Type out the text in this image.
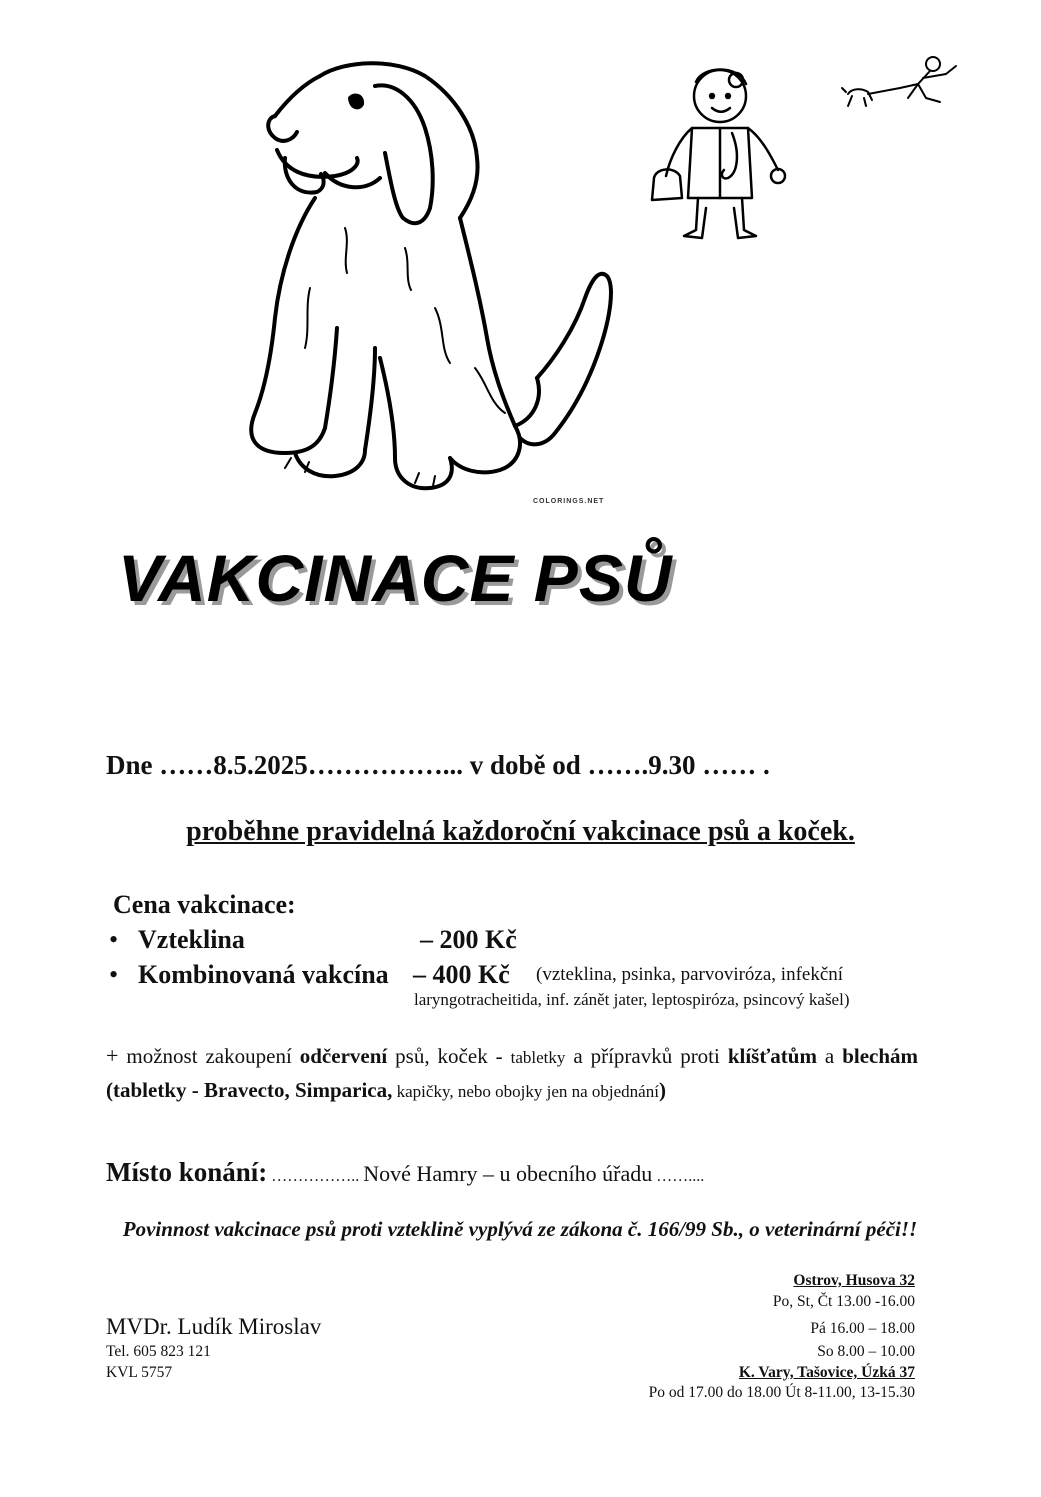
COLORINGS.NET
VAKCINACE PSŮ
Dne ……8.5.2025……………... v době od …….9.30 …… .
proběhne pravidelná každoroční vakcinace psů a koček.
Cena vakcinace:
• Vzteklina	– 200 Kč
• Kombinovaná vakcína – 400 Kč (vzteklina, psinka, parvoviróza, infekční
laryngotracheitida, inf. zánět jater, leptospiróza, psincový kašel)
+ možnost zakoupení odčervení psů, koček - tabletky a přípravků proti klíšťatům a blechám (tabletky - Bravecto, Simparica, kapičky, nebo obojky jen na objednání)
Místo konání: …………….. Nové Hamry – u obecního úřadu ……....
Povinnost vakcinace psů proti vzteklině vyplývá ze zákona č. 166/99 Sb., o veterinární péči!!
Ostrov, Husova 32
Po, St, Čt 13.00 -16.00
Pá 16.00 – 18.00
So 8.00 – 10.00
K. Vary, Tašovice, Úzká 37
Po od 17.00 do 18.00 Út 8-11.00, 13-15.30
MVDr. Ludík Miroslav
Tel. 605 823 121
KVL 5757
